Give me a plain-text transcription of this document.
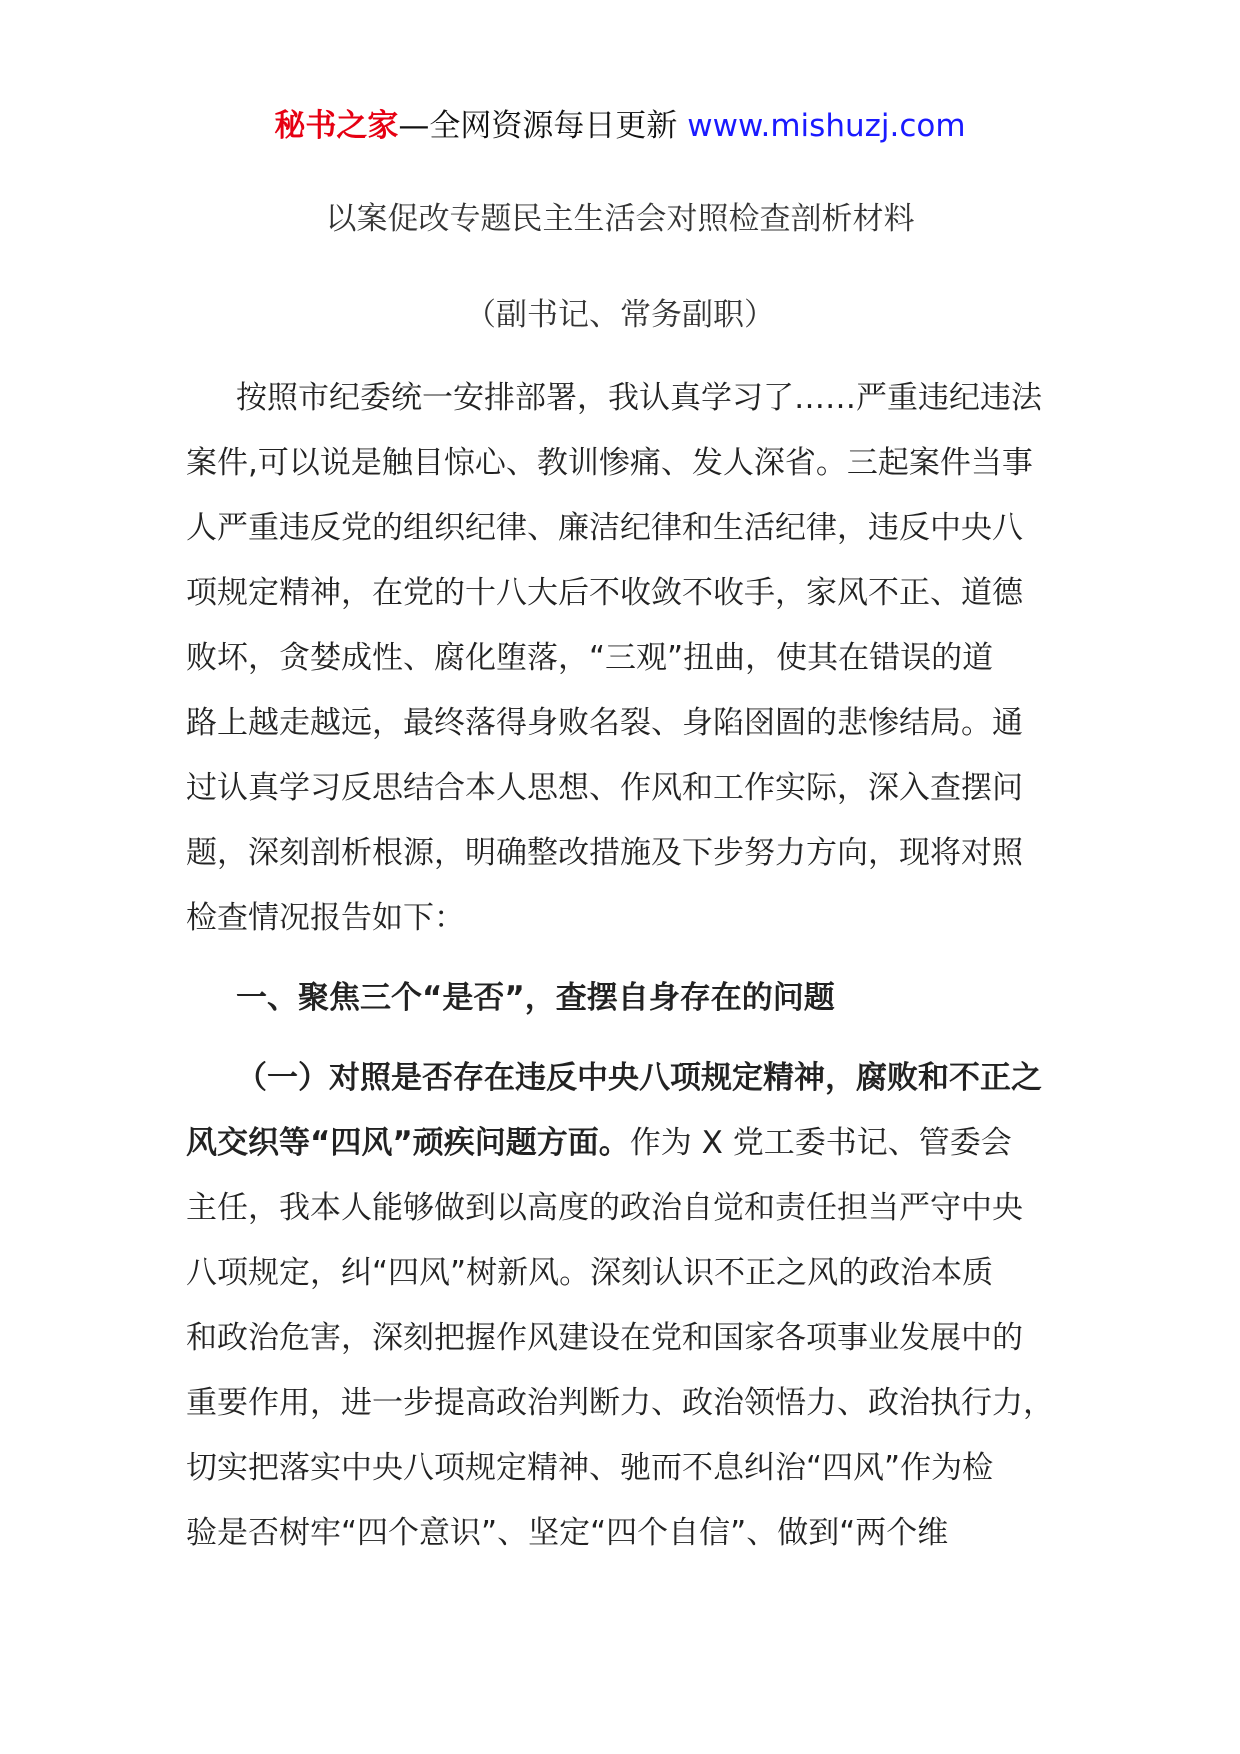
秘书之家—全网资源每日更新 www.mishuzj.com
以案促改专题民主生活会对照检查剖析材料
（副书记、常务副职）
按照市纪委统一安排部署，我认真学习了……严重违纪违法
案件,可以说是触目惊心、教训惨痛、发人深省。三起案件当事
人严重违反党的组织纪律、廉洁纪律和生活纪律，违反中央八
项规定精神，在党的十八大后不收敛不收手，家风不正、道德
败坏，贪婪成性、腐化堕落，“三观”扭曲，使其在错误的道
路上越走越远，最终落得身败名裂、身陷囹圄的悲惨结局。通
过认真学习反思结合本人思想、作风和工作实际，深入查摆问
题，深刻剖析根源，明确整改措施及下步努力方向，现将对照
检查情况报告如下：
一、聚焦三个“是否”，查摆自身存在的问题
（一）对照是否存在违反中央八项规定精神，腐败和不正之
风交织等“四风”顽疾问题方面。作为 X 党工委书记、管委会
主任，我本人能够做到以高度的政治自觉和责任担当严守中央
八项规定，纠“四风”树新风。深刻认识不正之风的政治本质
和政治危害，深刻把握作风建设在党和国家各项事业发展中的
重要作用，进一步提高政治判断力、政治领悟力、政治执行力，
切实把落实中央八项规定精神、驰而不息纠治“四风”作为检
验是否树牢“四个意识”、坚定“四个自信”、做到“两个维
